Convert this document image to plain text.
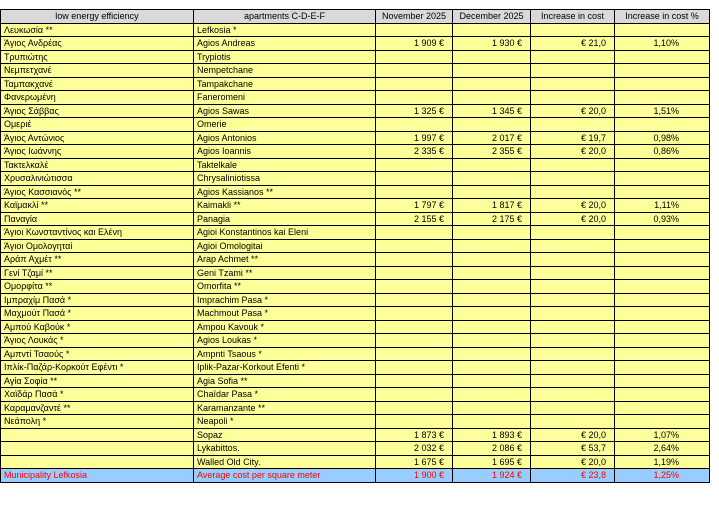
low energy efficiency	apartments C-D-E-F	November 2025	December 2025	Increase in cost	Increase in cost %
Λευκωσία **	Lefkosia *				
Άγιος Ανδρέας	Agios Andreas	1 909 €	1 930 €	€ 21,0	1,10%
Τρυπιώτης	Trypiotis				
Νεμπετχανέ	Nempetchane				
Ταμπακχανέ	Tampakchane				
Φανερωμένη	Faneromeni				
Άγιος Σάββας	Agios Sawas	1 325 €	1 345 €	€ 20,0	1,51%
Ομεριέ	Omerie				
Άγιος Αντώνιος	Agios Antonios	1 997 €	2 017 €	€ 19,7	0,98%
Άγιος Ιωάννης	Agios Ioannis	2 335 €	2 355 €	€ 20,0	0,86%
Τακτελκαλέ	Taktelkale				
Χρυσαλινιώτισσα	Chrysaliniotissa				
Άγιος Κασσιανός **	Agios Kassianos **				
Καϊμακλί **	Kaimakli **	1 797 €	1 817 €	€ 20,0	1,11%
Παναγία	Panagia	2 155 €	2 175 €	€ 20,0	0,93%
Άγιοι Κωνσταντίνος και Ελένη	Agioi Konstantinos kai Eleni				
Άγιοι Ομολογηταί	Agioi Omologitai				
Αράπ Αχμέτ **	Arap Achmet **				
Γενί Τζαμί **	Geni Tzami **				
Ομορφίτα **	Omorfita **				
Ιμπραχίμ Πασά *	Imprachim Pasa *				
Μαχμούτ Πασά *	Machmout Pasa *				
Αμπού Καβούκ *	Ampou Kavouk *				
Άγιος Λουκάς *	Agios Loukas *				
Αμπντί Τσαούς *	Ampnti Tsaous *				
Ιπλίκ-Παζάρ-Κορκούτ Εφέντι *	Iplik-Pazar-Korkout Efenti *				
Αγία Σοφία **	Agia Sofia **				
Χαϊδάρ Πασά *	Chaïdar Pasa *				
Καραμανζαντέ **	Karamanzante **				
Νεάπολη *	Neapoli *				
	Sopaz	1 873 €	1 893 €	€ 20,0	1,07%
	Lykabittos.	2 032 €	2 086 €	€ 53,7	2,64%
	Walled Old City.	1 675 €	1 695 €	€ 20,0	1,19%
Municipality Lefkosia	Average cost per square meter	1 900 €	1 924 €	€ 23,8	1,25%
